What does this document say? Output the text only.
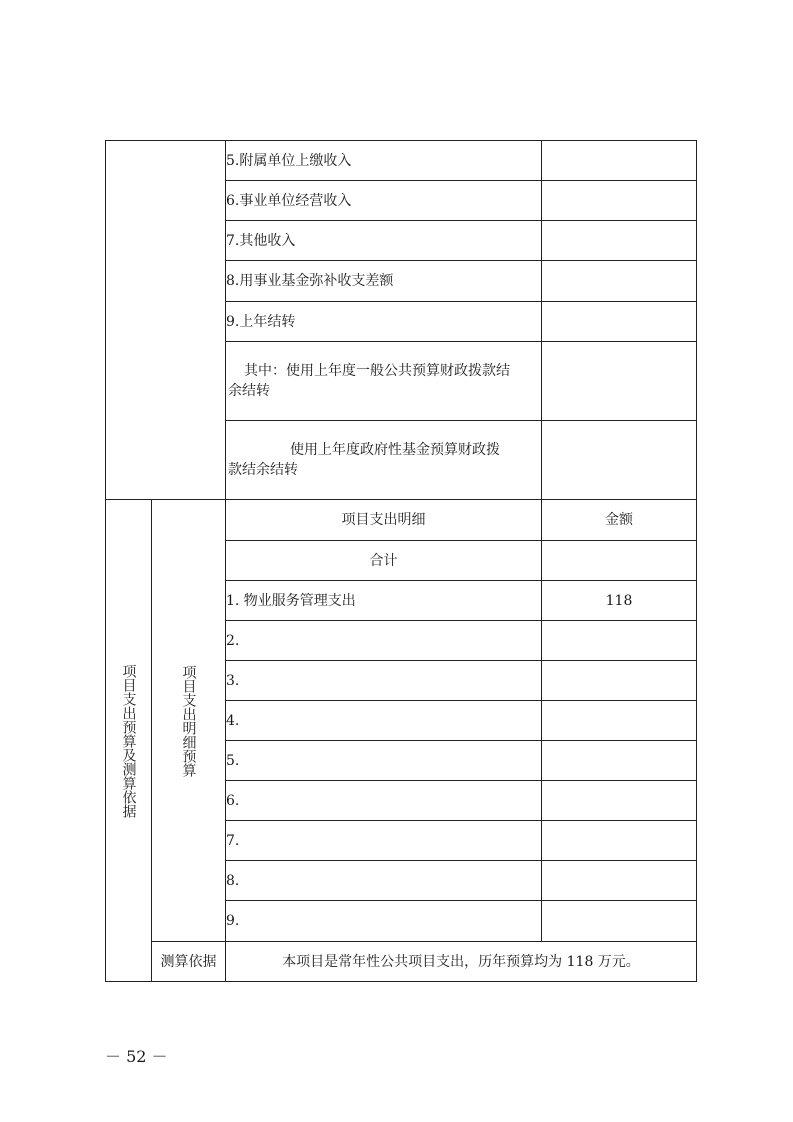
		5.附属单位上缴收入	
		6.事业单位经营收入	
		7.其他收入	
		8.用事业基金弥补收支差额	
		9.上年结转	

		其中：使用上年度一般公共预算财政拨款结
余结转	

		使用上年度政府性基金预算财政拨
款结余结转	

项目支出预算及测算依据	项目支出明细预算	项目支出明细	金额
		合计	
		1. 物业服务管理支出	118
		2.	
		3.	
		4.	
		5.	
		6.	
		7.	
		8.	
		9.	
	测算依据	本项目是常年性公共项目支出，历年预算均为 118 万元。	
－ 52 －
